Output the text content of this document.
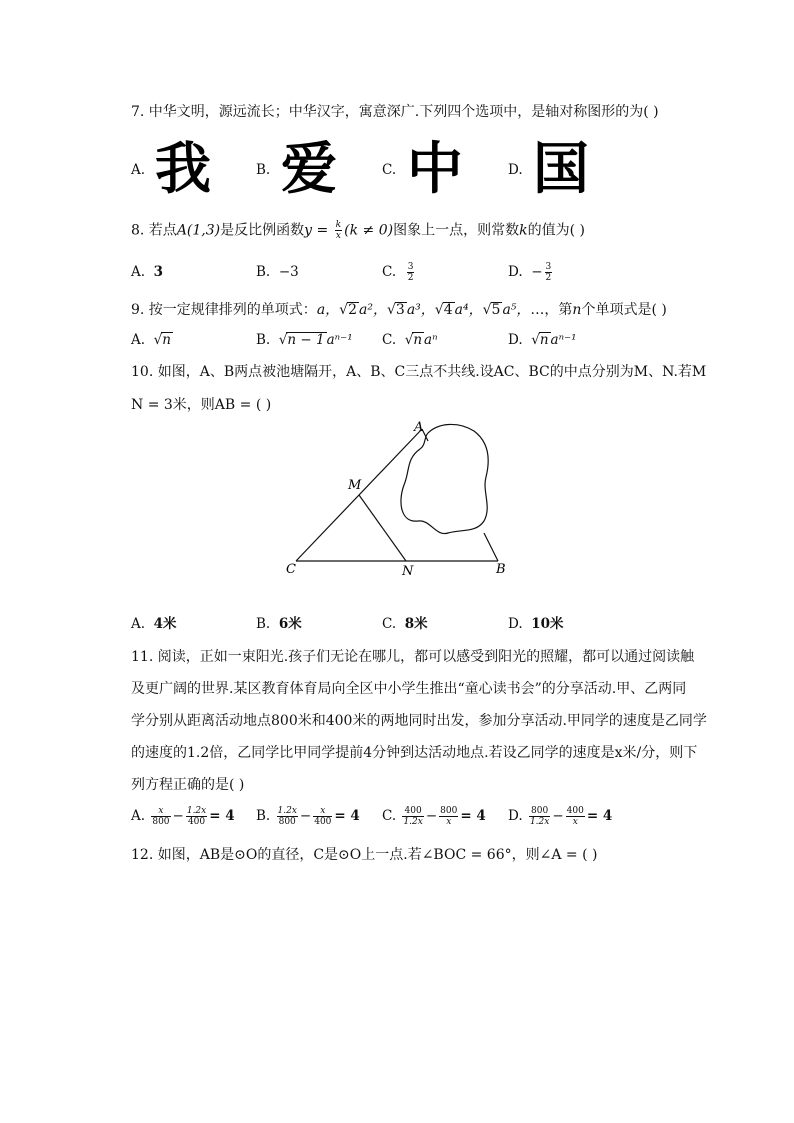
7. 中华文明，源远流长；中华汉字，寓意深广.下列四个选项中，是轴对称图形的为( )
A. 我	B. 爱	C. 中	D. 国
8. 若点A(1,3)是反比例函数$y = \frac{k}{x} (k \ne 0)$图象上一点，则常数k的值为( )
A. 3	B. −3	C. $\frac{3}{2}$	D. − $\frac{3}{2}$
9. 按一定规律排列的单项式：a，√2 a²，√3 a³，√4 a⁴，√5 a⁵，…，第n个单项式是( )
A.  √n	B.  √n − 1 aⁿ⁻¹ C.  √n aⁿ	D.  √n aⁿ⁻¹
10. 如图，A、B两点被池塘隔开，A、B、C三点不共线.设AC、BC的中点分别为M、N.若M
N = 3米，则AB = ( )
A
M
C	N	B
A. 4米	B. 6米	C. 8米	D. 10米
11. 阅读，正如一束阳光.孩子们无论在哪儿，都可以感受到阳光的照耀，都可以通过阅读触
及更广阔的世界.某区教育体育局向全区中小学生推出“童心读书会”的分享活动.甲、乙两同
学分别从距离活动地点800米和400米的两地同时出发，参加分享活动.甲同学的速度是乙同学
的速度的1.2倍，乙同学比甲同学提前4分钟到达活动地点.若设乙同学的速度是x米/分，则下
列方程正确的是( )
A. $\frac{x}{800} - \frac{1.2x}{400} = 4$ B. $\frac{1.2x}{800} - \frac{x}{400} = 4$ C. $\frac{400}{1.2x} - \frac{800}{x} = 4$ D. $\frac{800}{1.2x} - \frac{400}{x} = 4$
12. 如图，AB是⊙O的直径，C是⊙O上一点.若∠BOC = 66°，则∠A = ( )
